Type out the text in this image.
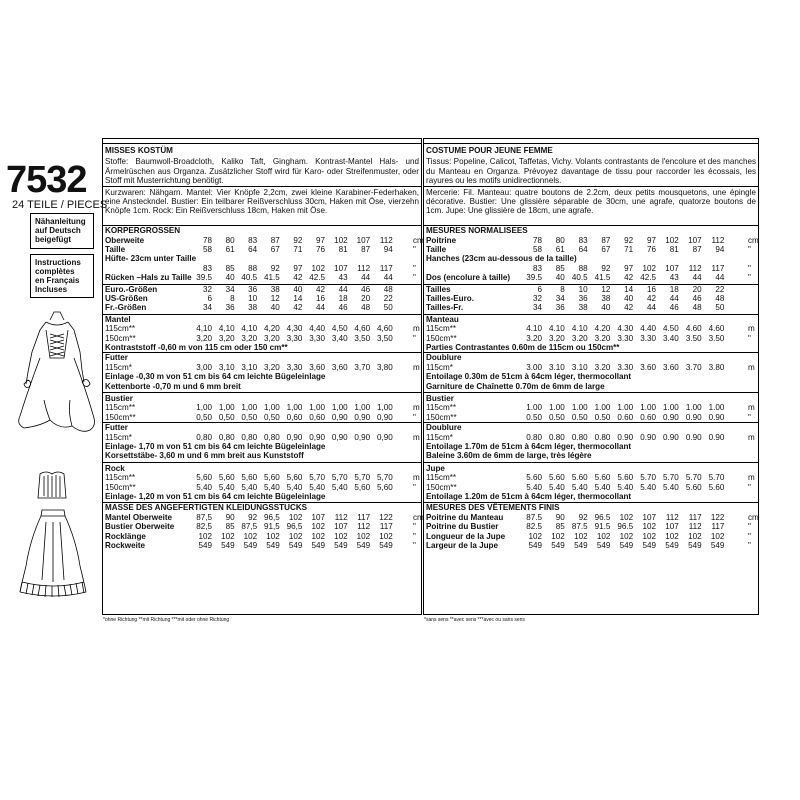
7532
24 TEILE / PIECES
Nähanleitung
auf Deutsch
beigefügt
Instructions
complètes
en Français
Incluses
MISSES KOSTÜM
Stoffe: Baumwoll-Broadcloth, Kaliko Taft, Gingham. Kontrast-Mantel Hals- und Ärmelrüschen aus Organza. Zusätzlicher Stoff wird für Karo- oder Streifenmuster, oder Stoff mit Musterrichtung benötigt.
Kurzwaren: Nähgarn. Mantel: Vier Knöpfe 2,2cm, zwei kleine Karabiner-Federhaken, eine Ansteckndel. Bustier: Ein teilbarer Reißverschluss 30cm, Haken mit Öse, vierzehn Knöpfe 1cm. Rock: Ein Reißverschluss 18cm, Haken mit Öse.
KORPERGROSSEN
Oberweite	78	80	83	87	92	97	102	107	112 cm
Taille	58	61	64	67	71	76	81	87	94 "
Hüfte- 23cm unter Taille
83	85	88	92	97	102	107	112	117 "
Rücken –Hals zu Taille 39.5	40 40.5 41.5	42 42.5	43	44	44 "
Euro.-Größen	32	34	36	38	40	42	44	46	48
US-Größen	6	8	10	12	14	16	18	20	22
Fr.-Größen	34	36	38	40	42	44	46	48	50
Mantel
115cm**	4,10 4,10 4,10 4,20 4,30 4,40 4,50 4,60 4,60 m
150cm**	3,20 3,20 3,20 3,20 3,30 3,30 3,40 3,50 3,50 "
Kontraststoff -0,60 m von 115 cm oder 150 cm**
Futter
115cm*	3,00 3,10 3,10 3,20 3,30 3,60 3,60 3,70 3,80 m
Einlage -0,30 m von 51 cm bis 64 cm leichte Bügeleinlage
Kettenborte -0,70 m und 6 mm breit
Bustier
115cm**	1,00 1,00 1,00 1,00 1,00 1,00 1,00 1,00 1,00 m
150cm**	0,50 0,50 0,50 0,50 0,60 0,60 0,90 0,90 0,90 "
Futter
115cm*	0,80 0,80 0,80 0,80 0,90 0,90 0,90 0,90 0,90 m
Einlage- 1,70 m von 51 cm bis 64 cm leichte Bügeleinlage
Korsettstäbe- 3,60 m und 6 mm breit aus Kunststoff
Rock
115cm**	5,60 5,60 5,60 5,60 5,60 5,70 5,70 5,70 5,70 m
150cm**	5,40 5,40 5,40 5,40 5,40 5,40 5,40 5,60 5,60 "
Einlage- 1,20 m von 51 cm bis 64 cm leichte Bügeleinlage
MASSE DES ANGEFERTIGTEN KLEIDUNGSSTUCKS
Mantel Oberweite	87,5	90	92 96,5	102	107	112	117	122 cm
Bustier Oberweite	82,5	85 87,5 91,5 96,5	102	107	112	117 "
Rocklänge	102	102	102	102	102	102	102	102	102 "
Rockweite	549	549	549	549	549	549	549	549	549 "
COSTUME POUR JEUNE FEMME
Tissus: Popeline, Calicot, Taffetas, Vichy. Volants contrastants de l'encolure et des manches du Manteau en Organza. Prévoyez davantage de tissu pour raccorder les écossais, les rayures ou les motifs unidirectionnels.
Mercerie: Fil. Manteau: quatre boutons de 2.2cm, deux petits mousquetons, une épingle décorative. Bustier: Une glissière séparable de 30cm, une agrafe, quatorze boutons de 1cm. Jupe: Une glissière de 18cm, une agrafe.
MESURES NORMALISEES
Poitrine	78	80	83	87	92	97	102	107	112	cm
Taille	58	61	64	67	71	76	81	87	94	"
Hanches (23cm au-dessous de la taille)
83	85	88	92	97	102	107	112	117	"
Dos (encolure à taille)	39.5	40 40.5 41.5	42 42.5	43	44	44	"
Tailles	6	8	10	12	14	16	18	20	22
Tailles-Euro.	32	34	36	38	40	42	44	46	48
Tailles-Fr.	34	36	38	40	42	44	46	48	50
Manteau
115cm**	4.10 4.10 4.10 4.20 4.30 4.40 4.50 4.60 4.60	m
150cm**	3.20 3.20 3.20 3.20 3.30 3.30 3.40 3.50 3.50	"
Parties Contrastantes 0.60m de 115cm ou 150cm**
Doublure
115cm*	3.00 3.10 3.10 3.20 3.30 3.60 3.60 3.70 3.80	m
Entoilage 0.30m de 51cm à 64cm léger, thermocollant
Garniture de Chaînette 0.70m de 6mm de large
Bustier
115cm**	1.00 1.00 1.00 1.00 1.00 1.00 1.00 1.00 1.00	m
150cm**	0.50 0.50 0.50 0.50 0.60 0.60 0.90 0.90 0.90	"
Doublure
115cm*	0.80 0.80 0.80 0.80 0.90 0.90 0.90 0.90 0.90	m
Entoilage 1.70m de 51cm à 64cm léger, thermocollant
Baleine 3.60m de 6mm de large, très légère
Jupe
115cm**	5.60 5.60 5.60 5.60 5.60 5.70 5.70 5.70 5.70	m
150cm**	5.40 5.40 5.40 5.40 5.40 5.40 5.40 5.60 5.60	"
Entoilage 1.20m de 51cm à 64cm léger, thermocollant
MESURES DES VÊTEMENTS FINIS
Poitrine du Manteau	87.5	90	92 96.5	102	107	112	117	122	cm
Poitrine du Bustier	82.5	85 87.5 91.5 96.5	102	107	112	117	"
Longueur de la Jupe	102	102	102	102	102	102	102	102	102	"
Largeur de la Jupe	549	549	549	549	549	549	549	549	549	"
*ohne Richtung **mit Richtung ***mit oder ohne Richtung	*sans sens **avec sens ***avec ou sans sens
